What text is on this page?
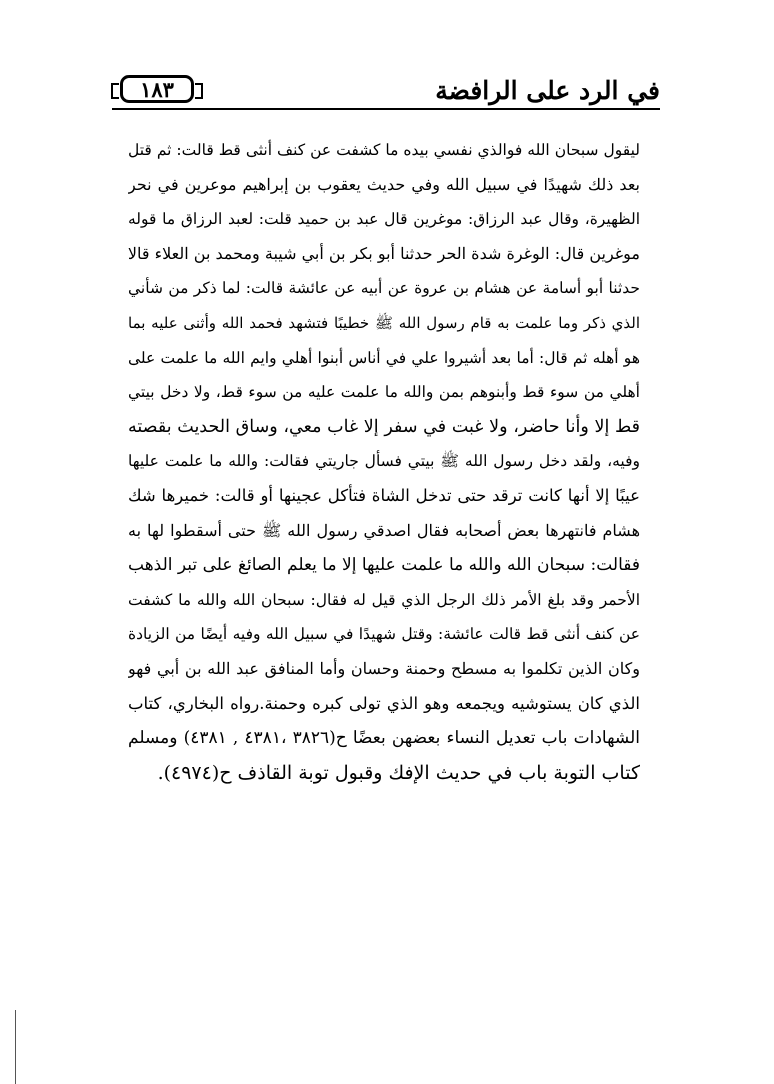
١٨٣	في الرد على الرافضة
ليقول سبحان الله فوالذي نفسي بيده ما كشفت عن كنف أنثى قط قالت: ثم قتل
بعد ذلك شهيدًا في سبيل الله وفي حديث يعقوب بن إبراهيم موعرين في نحر
الظهيرة، وقال عبد الرزاق: موغرين قال عبد بن حميد قلت: لعبد الرزاق ما قوله
موغرين قال: الوغرة شدة الحر حدثنا أبو بكر بن أبي شيبة ومحمد بن العلاء قالا
حدثنا أبو أسامة عن هشام بن عروة عن أبيه عن عائشة قالت: لما ذكر من شأني
الذي ذكر وما علمت به قام رسول الله ﷺ خطيبًا فتشهد فحمد الله وأثنى عليه بما
هو أهله ثم قال: أما بعد أشيروا علي في أناس أبنوا أهلي وايم الله ما علمت على
أهلي من سوء قط وأبنوهم بمن والله ما علمت عليه من سوء قط، ولا دخل بيتي
قط إلا وأنا حاضر، ولا غبت في سفر إلا غاب معي، وساق الحديث بقصته
وفيه، ولقد دخل رسول الله ﷺ بيتي فسأل جاريتي فقالت: والله ما علمت عليها
عيبًا إلا أنها كانت ترقد حتى تدخل الشاة فتأكل عجينها أو قالت: خميرها شك
هشام فانتهرها بعض أصحابه فقال اصدقي رسول الله ﷺ حتى أسقطوا لها به
فقالت: سبحان الله والله ما علمت عليها إلا ما يعلم الصائغ على تبر الذهب
الأحمر وقد بلغ الأمر ذلك الرجل الذي قيل له فقال: سبحان الله والله ما كشفت
عن كنف أنثى قط قالت عائشة: وقتل شهيدًا في سبيل الله وفيه أيضًا من الزيادة
وكان الذين تكلموا به مسطح وحمنة وحسان وأما المنافق عبد الله بن أبي فهو
الذي كان يستوشيه ويجمعه وهو الذي تولى كبره وحمنة.رواه البخاري، كتاب
الشهادات باب تعديل النساء بعضهن بعضًا ح(٣٨٢٦ ،٤٣٨١ , ٤٣٨١) ومسلم
كتاب التوبة باب في حديث الإفك وقبول توبة القاذف ح(٤٩٧٤).
